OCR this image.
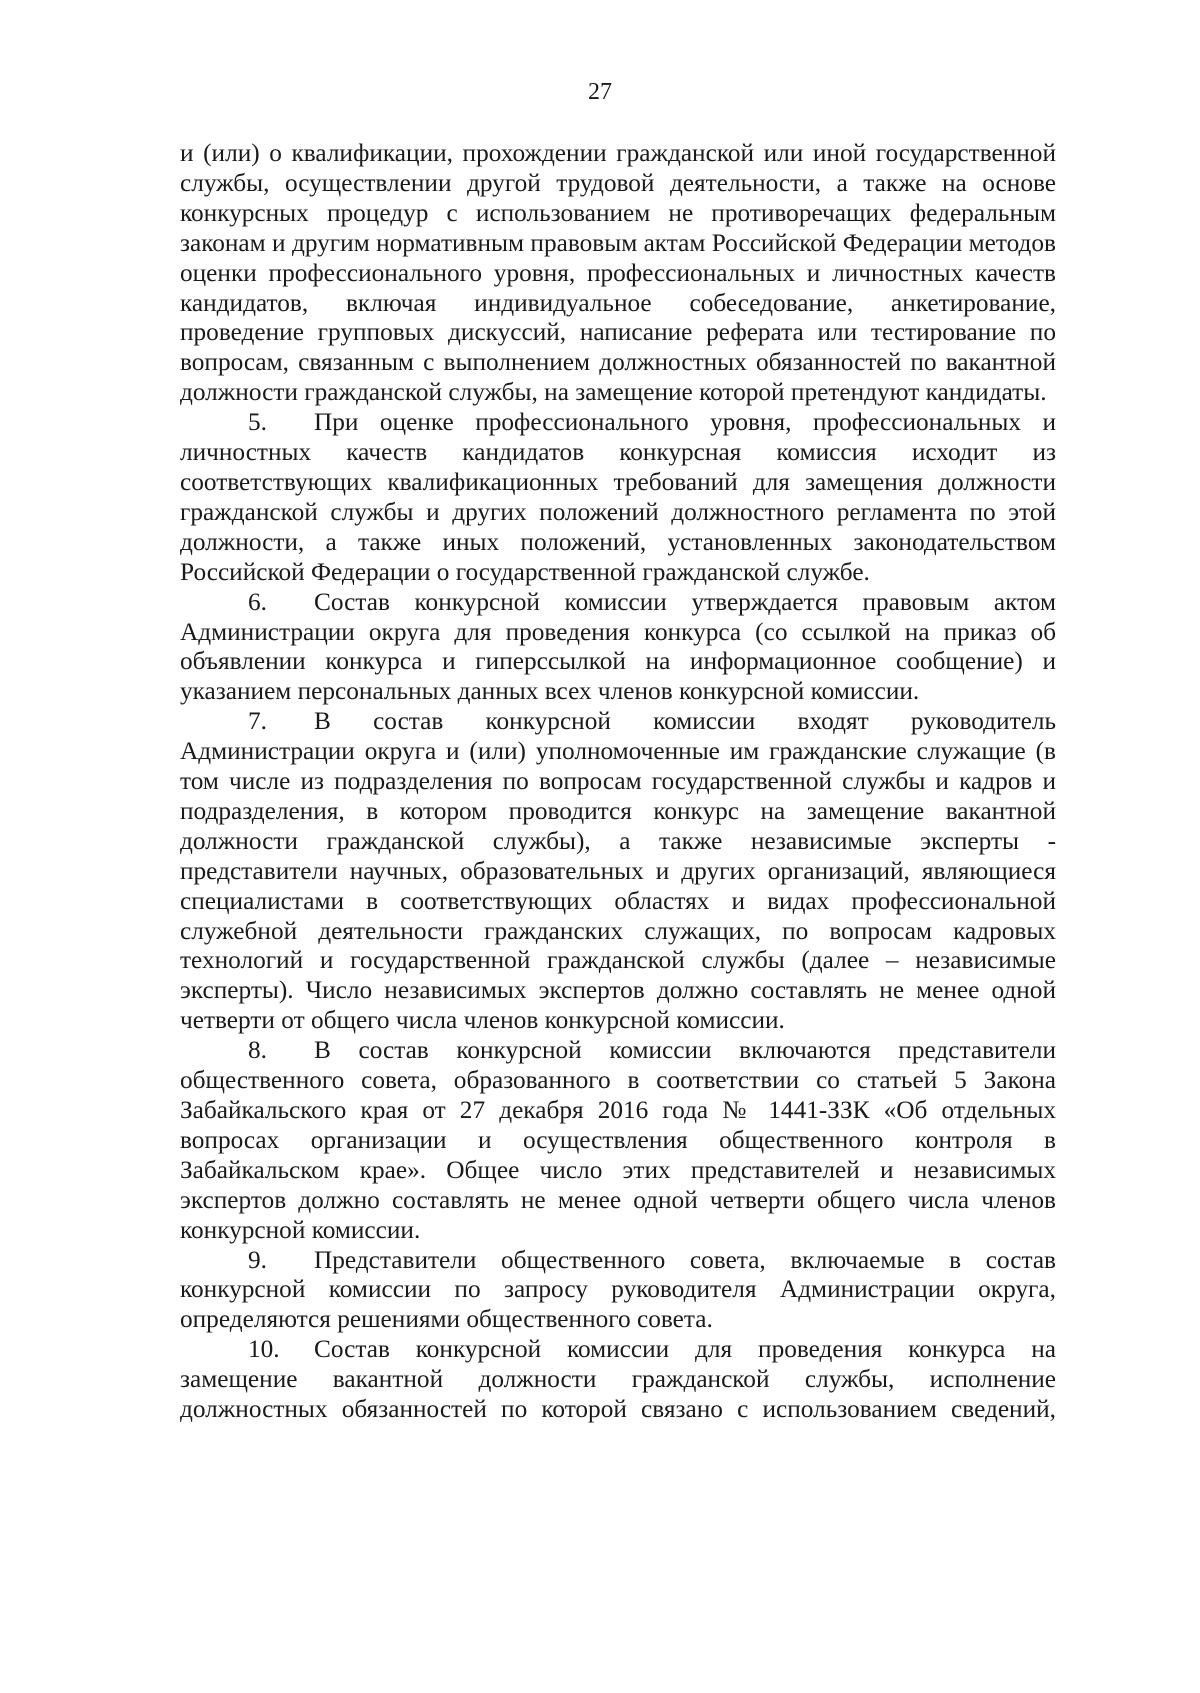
27

и (или) о квалификации, прохождении гражданской или иной государственной службы, осуществлении другой трудовой деятельности, а также на основе конкурсных процедур с использованием не противоречащих федеральным законам и другим нормативным правовым актам Российской Федерации методов оценки профессионального уровня, профессиональных и личностных качеств кандидатов, включая индивидуальное собеседование, анкетирование, проведение групповых дискуссий, написание реферата или тестирование по вопросам, связанным с выполнением должностных обязанностей по вакантной должности гражданской службы, на замещение которой претендуют кандидаты.

5. При оценке профессионального уровня, профессиональных и личностных качеств кандидатов конкурсная комиссия исходит из соответствующих квалификационных требований для замещения должности гражданской службы и других положений должностного регламента по этой должности, а также иных положений, установленных законодательством Российской Федерации о государственной гражданской службе.

6. Состав конкурсной комиссии утверждается правовым актом Администрации округа для проведения конкурса (со ссылкой на приказ об объявлении конкурса и гиперссылкой на информационное сообщение) и указанием персональных данных всех членов конкурсной комиссии.

7. В состав конкурсной комиссии входят руководитель Администрации округа и (или) уполномоченные им гражданские служащие (в том числе из подразделения по вопросам государственной службы и кадров и подразделения, в котором проводится конкурс на замещение вакантной должности гражданской службы), а также независимые эксперты - представители научных, образовательных и других организаций, являющиеся специалистами в соответствующих областях и видах профессиональной служебной деятельности гражданских служащих, по вопросам кадровых технологий и государственной гражданской службы (далее – независимые эксперты). Число независимых экспертов должно составлять не менее одной четверти от общего числа членов конкурсной комиссии.

8. В состав конкурсной комиссии включаются представители общественного совета, образованного в соответствии со статьей 5 Закона Забайкальского края от 27 декабря 2016 года № 1441-ЗЗК «Об отдельных вопросах организации и осуществления общественного контроля в Забайкальском крае». Общее число этих представителей и независимых экспертов должно составлять не менее одной четверти общего числа членов конкурсной комиссии.

9. Представители общественного совета, включаемые в состав конкурсной комиссии по запросу руководителя Администрации округа, определяются решениями общественного совета.

10. Состав конкурсной комиссии для проведения конкурса на замещение вакантной должности гражданской службы, исполнение должностных обязанностей по которой связано с использованием сведений,
